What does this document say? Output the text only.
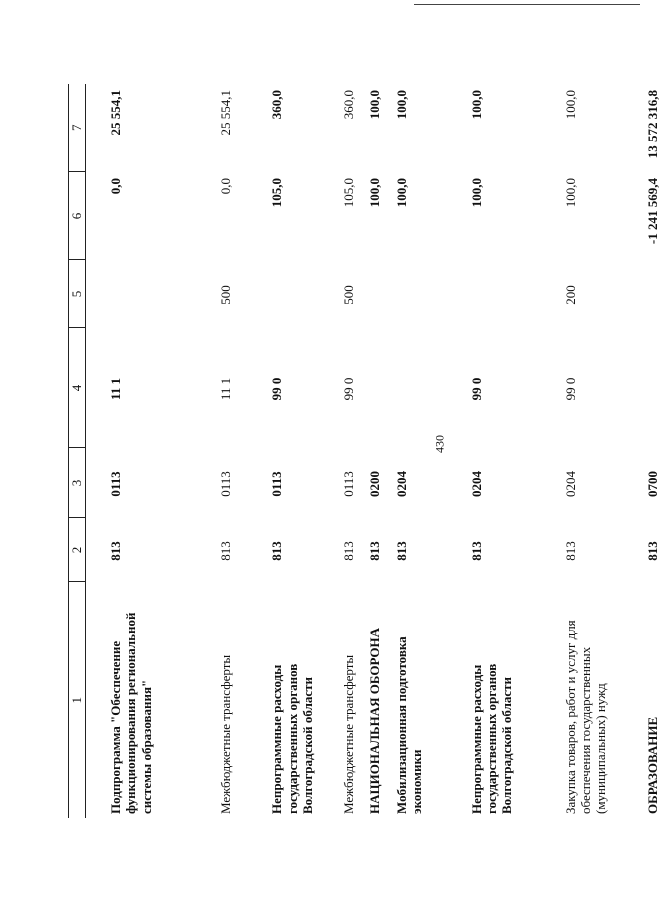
430
1	2	3	4	5	6	7

Подпрограмма "Обеспечение функционирования региональной системы образования"	813	0113	11 1		0,0	25 554,1

Межбюджетные трансферты	813	0113	11 1	500	0,0	25 554,1

Непрограммные расходы государственных органов Волгоградской области	813	0113	99 0		105,0	360,0

Межбюджетные трансферты	813	0113	99 0	500	105,0	360,0

НАЦИОНАЛЬНАЯ ОБОРОНА	813	0200			100,0	100,0

Мобилизационная подготовка экономики	813	0204			100,0	100,0

Непрограммные расходы государственных органов Волгоградской области	813	0204	99 0		100,0	100,0

Закупка товаров, работ и услуг для обеспечения государственных (муниципальных) нужд	813	0204	99 0	200	100,0	100,0

ОБРАЗОВАНИЕ	813	0700			-1 241 569,4	13 572 316,8
